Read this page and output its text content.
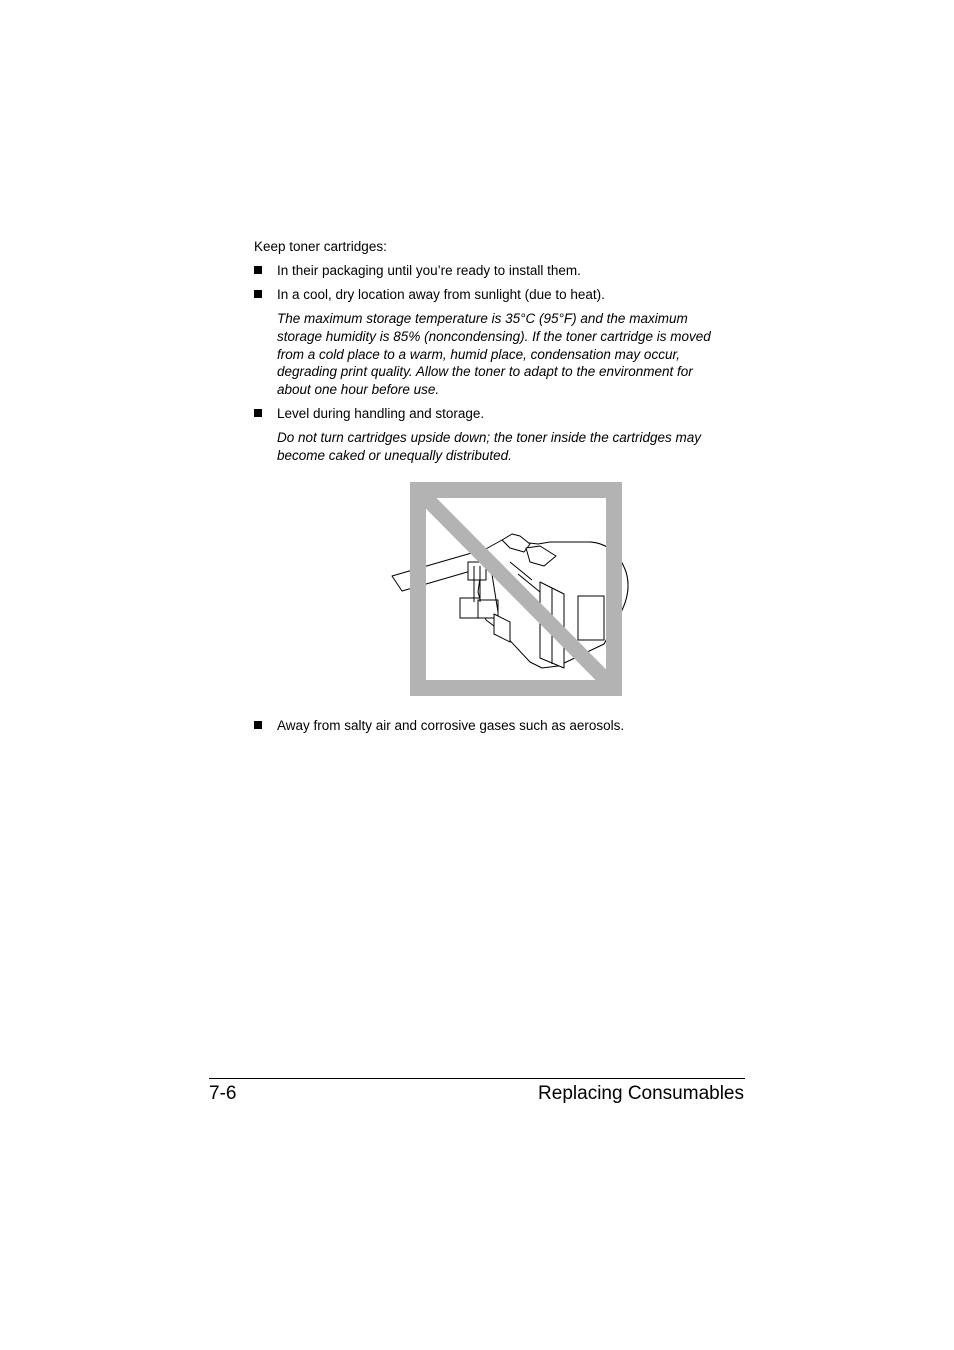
Keep toner cartridges:
In their packaging until you’re ready to install them.
In a cool, dry location away from sunlight (due to heat).
The maximum storage temperature is 35°C (95°F) and the maximum
storage humidity is 85% (noncondensing). If the toner cartridge is moved
from a cold place to a warm, humid place, condensation may occur,
degrading print quality. Allow the toner to adapt to the environment for
about one hour before use.
Level during handling and storage.
Do not turn cartridges upside down; the toner inside the cartridges may
become caked or unequally distributed.
Away from salty air and corrosive gases such as aerosols.
7-6	Replacing Consumables
